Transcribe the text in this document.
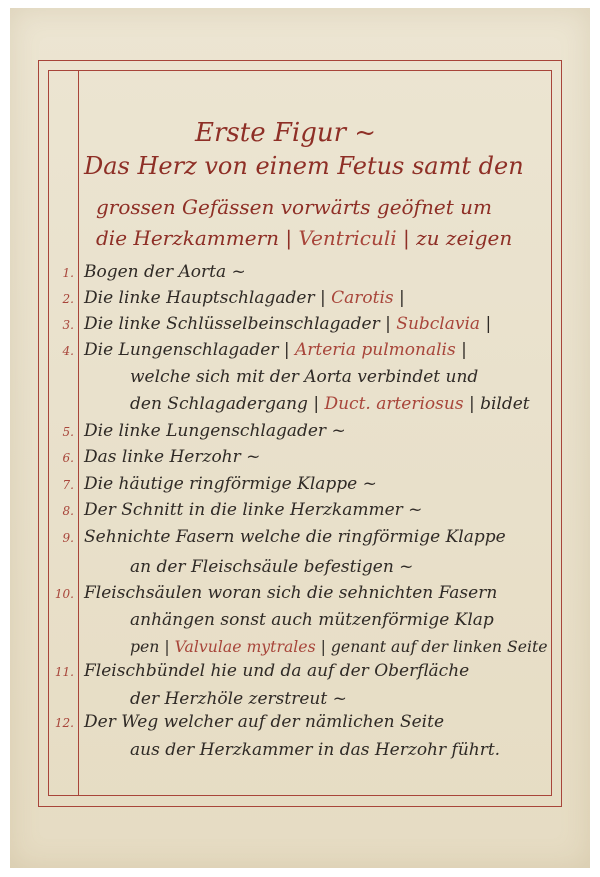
Erste Figur ~
Das Herz von einem Fetus samt den
grossen Gefässen vorwärts geöfnet um
die Herzkammern | Ventriculi | zu zeigen
1. Bogen der Aorta ~
2. Die linke Hauptschlagader | Carotis |
3. Die linke Schlüsselbeinschlagader | Subclavia |
4. Die Lungenschlagader | Arteria pulmonalis |
welche sich mit der Aorta verbindet und
den Schlagadergang | Duct. arteriosus | bildet
5. Die linke Lungenschlagader ~
6. Das linke Herzohr ~
7. Die häutige ringförmige Klappe ~
8. Der Schnitt in die linke Herzkammer ~
9. Sehnichte Fasern welche die ringförmige Klappe
an der Fleischsäule befestigen ~
10. Fleischsäulen woran sich die sehnichten Fasern
anhängen sonst auch mützenförmige Klap
pen | Valvulae mytrales | genant auf der linken Seite
11. Fleischbündel hie und da auf der Oberfläche
der Herzhöle zerstreut ~
12. Der Weg welcher auf der nämlichen Seite
aus der Herzkammer in das Herzohr führt.
